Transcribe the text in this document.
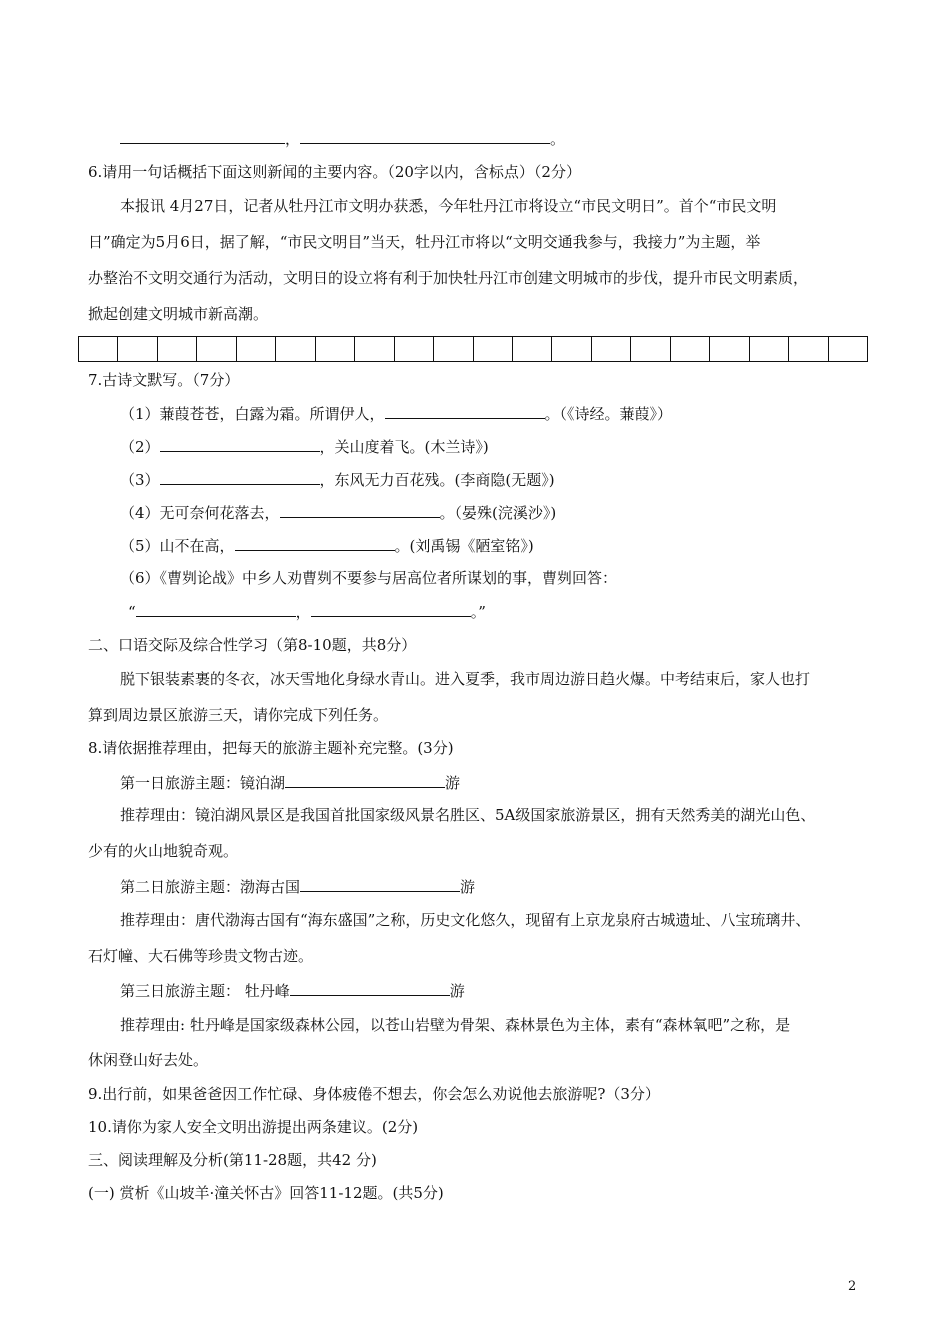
，	。
6.请用一句话概括下面这则新闻的主要内容。（20字以内，含标点）（2分）
本报讯 4月27日，记者从牡丹江市文明办获悉，今年牡丹江市将设立“市民文明日”。首个“市民文明
日”确定为5月6日，据了解，“市民文明目”当天，牡丹江市将以“文明交通我参与，我接力”为主题，举
办整治不文明交通行为活动，文明日的设立将有利于加快牡丹江市创建文明城市的步伐，提升市民文明素质，
掀起创建文明城市新高潮。
7.古诗文默写。（7分）
（1）蒹葭苍苍，白露为霜。所谓伊人，	。（《诗经。蒹葭》）
（2）	，关山度着飞。(木兰诗》)
（3）	，东风无力百花残。(李商隐(无题》)
（4）无可奈何花落去，	。（晏殊(浣溪沙》)
（5）山不在高，	。(刘禹锡《陋室铭》)
（6）《曹刿论战》中乡人劝曹刿不要参与居高位者所谋划的事，曹刿回答：
“	，	。”
二、口语交际及综合性学习（第8-10题，共8分）
脱下银装素裹的冬衣，冰天雪地化身绿水青山。进入夏季，我市周边游日趋火爆。中考结束后，家人也打
算到周边景区旅游三天，请你完成下列任务。
8.请依据推荐理由，把每天的旅游主题补充完整。(3分)
第一日旅游主题：镜泊湖	游
推荐理由：镜泊湖风景区是我国首批国家级风景名胜区、5A级国家旅游景区，拥有天然秀美的湖光山色、
少有的火山地貌奇观。
第二日旅游主题：渤海古国	游
推荐理由：唐代渤海古国有“海东盛国”之称，历史文化悠久，现留有上京龙泉府古城遗址、八宝琉璃井、
石灯幢、大石佛等珍贵文物古迹。
第三日旅游主题： 牡丹峰	游
推荐理由: 牡丹峰是国家级森林公园，以苍山岩壁为骨架、森林景色为主体，素有“森林氧吧”之称，是
休闲登山好去处。
9.出行前，如果爸爸因工作忙碌、身体疲倦不想去，你会怎么劝说他去旅游呢?（3分）
10.请你为家人安全文明出游提出两条建议。(2分)
三、阅读理解及分析(第11-28题，共42 分)
(一) 赏析《山坡羊·潼关怀古》回答11-12题。(共5分)
2
